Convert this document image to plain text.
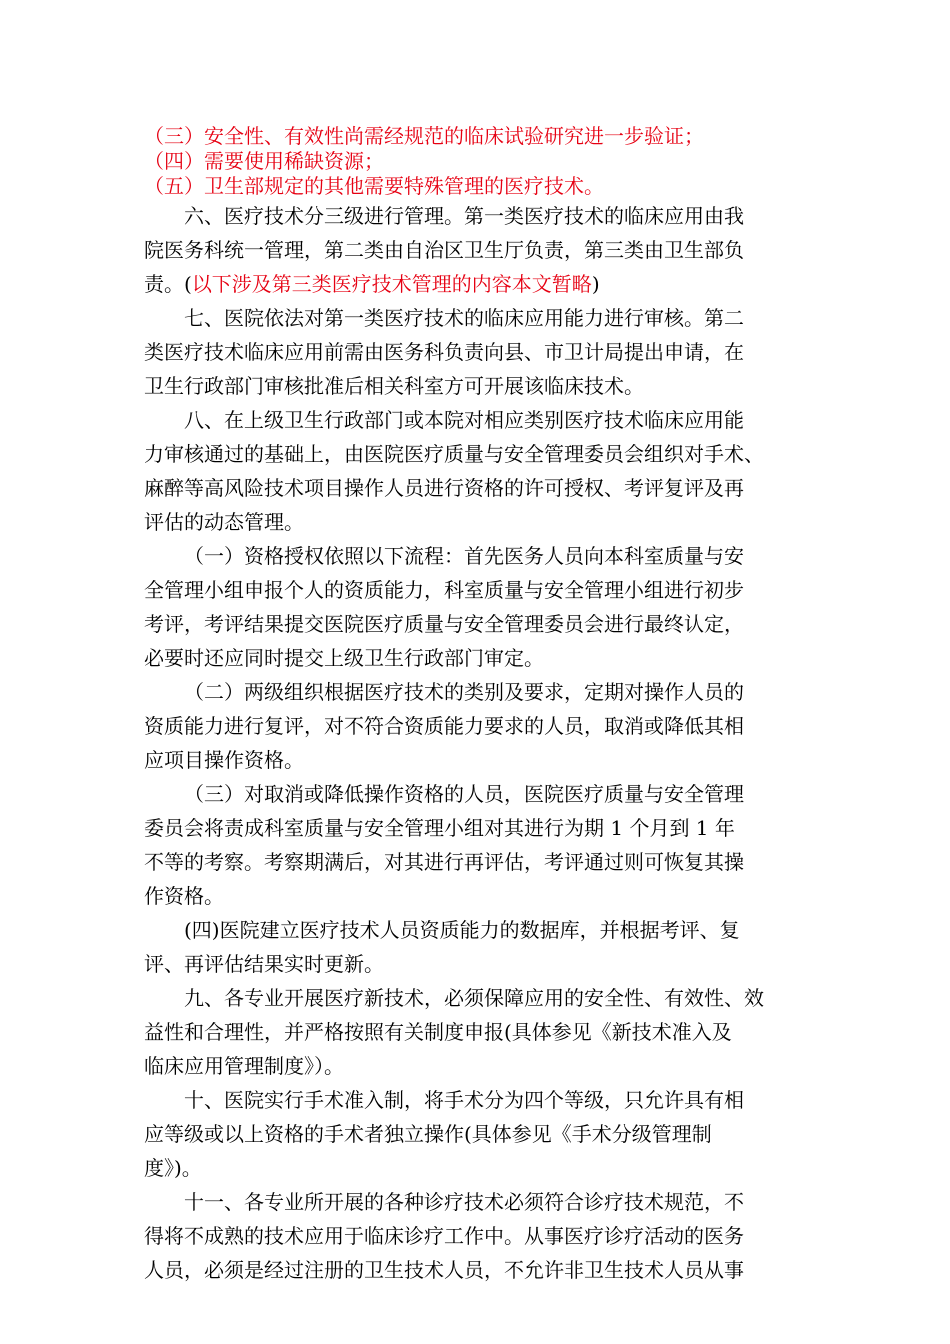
（三）安全性、有效性尚需经规范的临床试验研究进一步验证；
（四）需要使用稀缺资源；
（五）卫生部规定的其他需要特殊管理的医疗技术。
六、医疗技术分三级进行管理。第一类医疗技术的临床应用由我
院医务科统一管理，第二类由自治区卫生厅负责，第三类由卫生部负
责。(以下涉及第三类医疗技术管理的内容本文暂略)
七、医院依法对第一类医疗技术的临床应用能力进行审核。第二
类医疗技术临床应用前需由医务科负责向县、市卫计局提出申请，在
卫生行政部门审核批准后相关科室方可开展该临床技术。
八、在上级卫生行政部门或本院对相应类别医疗技术临床应用能
力审核通过的基础上，由医院医疗质量与安全管理委员会组织对手术、
麻醉等高风险技术项目操作人员进行资格的许可授权、考评复评及再
评估的动态管理。
（一）资格授权依照以下流程：首先医务人员向本科室质量与安
全管理小组申报个人的资质能力，科室质量与安全管理小组进行初步
考评，考评结果提交医院医疗质量与安全管理委员会进行最终认定，
必要时还应同时提交上级卫生行政部门审定。
（二）两级组织根据医疗技术的类别及要求，定期对操作人员的
资质能力进行复评，对不符合资质能力要求的人员，取消或降低其相
应项目操作资格。
（三）对取消或降低操作资格的人员，医院医疗质量与安全管理
委员会将责成科室质量与安全管理小组对其进行为期 1 个月到 1 年
不等的考察。考察期满后，对其进行再评估，考评通过则可恢复其操
作资格。
(四)医院建立医疗技术人员资质能力的数据库，并根据考评、复
评、再评估结果实时更新。
九、各专业开展医疗新技术，必须保障应用的安全性、有效性、效
益性和合理性，并严格按照有关制度申报(具体参见《新技术准入及
临床应用管理制度》）。
十、医院实行手术准入制，将手术分为四个等级，只允许具有相
应等级或以上资格的手术者独立操作(具体参见《手术分级管理制
度》)。
十一、各专业所开展的各种诊疗技术必须符合诊疗技术规范，不
得将不成熟的技术应用于临床诊疗工作中。从事医疗诊疗活动的医务
人员，必须是经过注册的卫生技术人员，不允许非卫生技术人员从事
